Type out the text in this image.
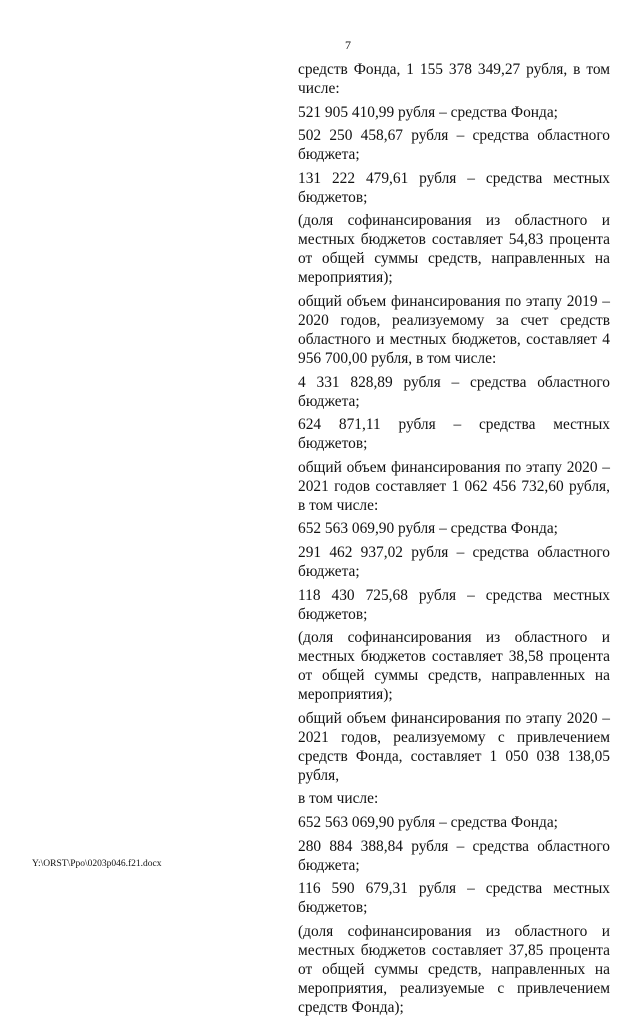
7

средств Фонда, 1 155 378 349,27 рубля, в том числе:

521 905 410,99 рубля – средства Фонда;

502 250 458,67 рубля – средства областного бюджета;

131 222 479,61 рубля – средства местных бюджетов;

(доля софинансирования из областного и местных бюджетов составляет 54,83 процента от общей суммы средств, направленных на мероприятия);

общий объем финансирования по этапу 2019 – 2020 годов, реализуемому за счет средств областного и местных бюджетов, составляет 4 956 700,00 рубля, в том числе:

4 331 828,89 рубля – средства областного бюджета;

624 871,11 рубля – средства местных бюджетов;

общий объем финансирования по этапу 2020 – 2021 годов составляет 1 062 456 732,60 рубля, в том числе:

652 563 069,90 рубля – средства Фонда;

291 462 937,02 рубля – средства областного бюджета;

118 430 725,68 рубля – средства местных бюджетов;

(доля софинансирования из областного и местных бюджетов составляет 38,58 процента от общей суммы средств, направленных на мероприятия);

общий объем финансирования по этапу 2020 – 2021 годов, реализуемому с привлечением средств Фонда, составляет 1 050 038 138,05 рубля,

в том числе:

652 563 069,90 рубля – средства Фонда;

280 884 388,84 рубля – средства областного бюджета;

116 590 679,31 рубля – средства местных бюджетов;

(доля софинансирования из областного и местных бюджетов составляет 37,85 процента от общей суммы средств, направленных на мероприятия, реализуемые с привлечением средств Фонда);

Y:\ORST\Ppo\0203p046.f21.docx
